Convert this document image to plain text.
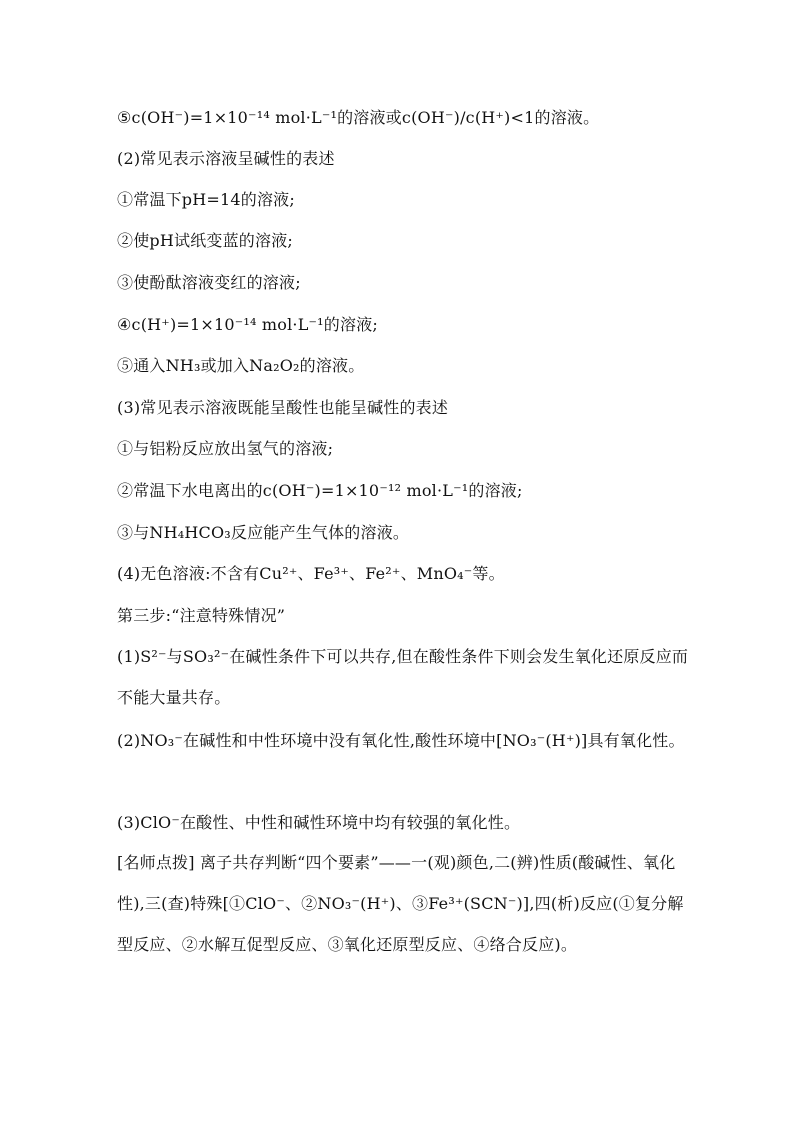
⑤c(OH⁻)=1×10⁻¹⁴ mol·L⁻¹的溶液或c(OH⁻)/c(H⁺)<1的溶液。
(2)常见表示溶液呈碱性的表述
①常温下pH=14的溶液;
②使pH试纸变蓝的溶液;
③使酚酞溶液变红的溶液;
④c(H⁺)=1×10⁻¹⁴ mol·L⁻¹的溶液;
⑤通入NH₃或加入Na₂O₂的溶液。
(3)常见表示溶液既能呈酸性也能呈碱性的表述
①与铝粉反应放出氢气的溶液;
②常温下水电离出的c(OH⁻)=1×10⁻¹² mol·L⁻¹的溶液;
③与NH₄HCO₃反应能产生气体的溶液。
(4)无色溶液:不含有Cu²⁺、Fe³⁺、Fe²⁺、MnO₄⁻等。
第三步:“注意特殊情况”
(1)S²⁻与SO₃²⁻在碱性条件下可以共存,但在酸性条件下则会发生氧化还原反应而不能大量共存。
(2)NO₃⁻在碱性和中性环境中没有氧化性,酸性环境中[NO₃⁻(H⁺)]具有氧化性。
(3)ClO⁻在酸性、中性和碱性环境中均有较强的氧化性。
[名师点拨] 离子共存判断“四个要素”——一(观)颜色,二(辨)性质(酸碱性、氧化性),三(查)特殊[①ClO⁻、②NO₃⁻(H⁺)、③Fe³⁺(SCN⁻)],四(析)反应(①复分解型反应、②水解互促型反应、③氧化还原型反应、④络合反应)。
